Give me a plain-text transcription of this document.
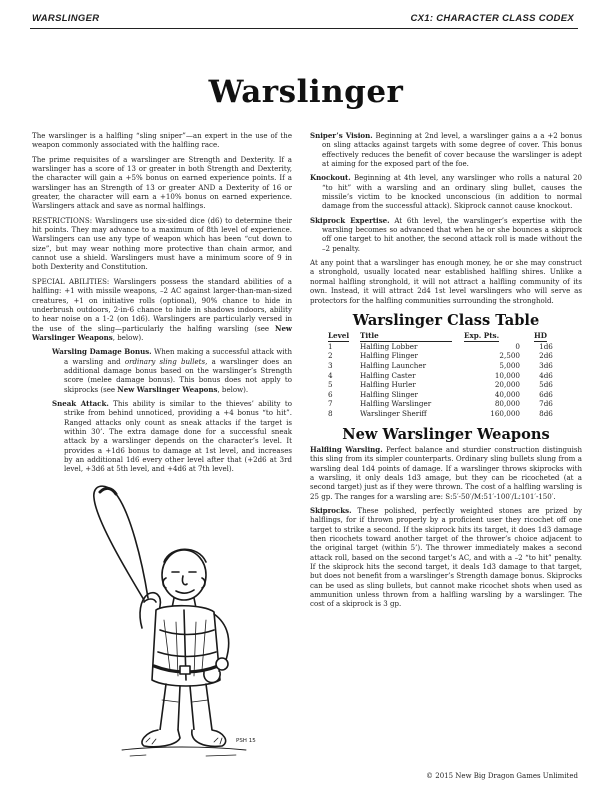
WARSLINGER	CX1: CHARACTER CLASS CODEX
Warslinger

The warslinger is a halfling “sling sniper”—an expert in the use of the weapon commonly associated with the halfling race.

The prime requisites of a warslinger are Strength and Dexterity. If a warslinger has a score of 13 or greater in both Strength and Dexterity, the character will gain a +5% bonus on earned experience points. If a warslinger has an Strength of 13 or greater AND a Dexterity of 16 or greater, the character will earn a +10% bonus on earned experience. Warslingers attack and save as normal halflings.

RESTRICTIONS: Warslingers use six-sided dice (d6) to determine their hit points. They may advance to a maximum of 8th level of experience. Warslingers can use any type of weapon which has been “cut down to size”, but may wear nothing more protective than chain armor, and cannot use a shield. Warslingers must have a minimum score of 9 in both Dexterity and Constitution.

SPECIAL ABILITIES: Warslingers possess the standard abilities of a halfling: +1 with missile weapons, –2 AC against larger-than-man-sized creatures, +1 on initiative rolls (optional), 90% chance to hide in underbrush outdoors, 2-in-6 chance to hide in shadows indoors, ability to hear noise on a 1-2 (on 1d6). Warslingers are particularly versed in the use of the sling—particularly the halfing warsling (see New Warslinger Weapons, below).

Warsling Damage Bonus. When making a successful attack with a warsling and ordinary sling bullets, a warslinger does an additional damage bonus based on the warslinger’s Strength score (melee damage bonus). This bonus does not apply to skiprocks (see New Warslinger Weapons, below).

Sneak Attack. This ability is similar to the thieves’ ability to strike from behind unnoticed, providing a +4 bonus “to hit”. Ranged attacks only count as sneak attacks if the target is within 30’. The extra damage done for a successful sneak attack by a warslinger depends on the character’s level. It provides a +1d6 bonus to damage at 1st level, and increases by an additional 1d6 every other level after that (+2d6 at 3rd level, +3d6 at 5th level, and +4d6 at 7th level).

PSH 15

Sniper’s Vision. Beginning at 2nd level, a warslinger gains a a +2 bonus on sling attacks against targets with some degree of cover. This bonus effectively reduces the benefit of cover because the warslinger is adept at aiming for the exposed part of the foe.

Knockout. Beginning at 4th level, any warslinger who rolls a natural 20 “to hit” with a warsling and an ordinary sling bullet, causes the missile’s victim to be knocked unconscious (in addition to normal damage from the successful attack). Skiprock cannot cause knockout.

Skiprock Expertise. At 6th level, the warslinger’s expertise with the warsling becomes so advanced that when he or she bounces a skiprock off one target to hit another, the second attack roll is made without the –2 penalty.

At any point that a warslinger has enough money, he or she may construct a stronghold, usually located near established halfling shires. Unlike a normal halfling stronghold, it will not attract a halfling community of its own. Instead, it will attract 2d4 1st level warslingers who will serve as protectors for the halfling communities surrounding the stronghold.

Warslinger Class Table
Level	Title	Exp. Pts.	HD
1	Halfling Lobber	0	1d6
2	Halfling Flinger	2,500	2d6
3	Halfling Launcher	5,000	3d6
4	Halfling Caster	10,000	4d6
5	Halfling Hurler	20,000	5d6
6	Halfling Slinger	40,000	6d6
7	Halfling Warslinger	80,000	7d6
8	Warslinger Sheriff	160,000	8d6
New Warslinger Weapons

Halfling Warsling. Perfect balance and sturdier construction distinguish this sling from its simpler counterparts. Ordinary sling bullets slung from a warsling deal 1d4 points of damage. If a warslinger throws skiprocks with a warsling, it only deals 1d3 amage, but they can be ricocheted (at a second target) just as if they were thrown. The cost of a halfling warsling is 25 gp. The ranges for a warsling are: S:5′-50′/M:51′-100′/L:101′-150′.

Skiprocks. These polished, perfectly weighted stones are prized by halflings, for if thrown properly by a proficient user they ricochet off one target to strike a second. If the skiprock hits its target, it does 1d3 damage then ricochets toward another target of the thrower’s choice adjacent to the original target (within 5’). The thrower immediately makes a second attack roll, based on the second target’s AC, and with a –2 “to hit” penalty. If the skiprock hits the second target, it deals 1d3 damage to that target, but does not benefit from a warslinger’s Strength damage bonus. Skiprocks can be used as sling bullets, but cannot make ricochet shots when used as ammunition unless thrown from a halfling warsling by a warslinger. The cost of a skiprock is 3 gp.

© 2015 New Big Dragon Games Unlimited
